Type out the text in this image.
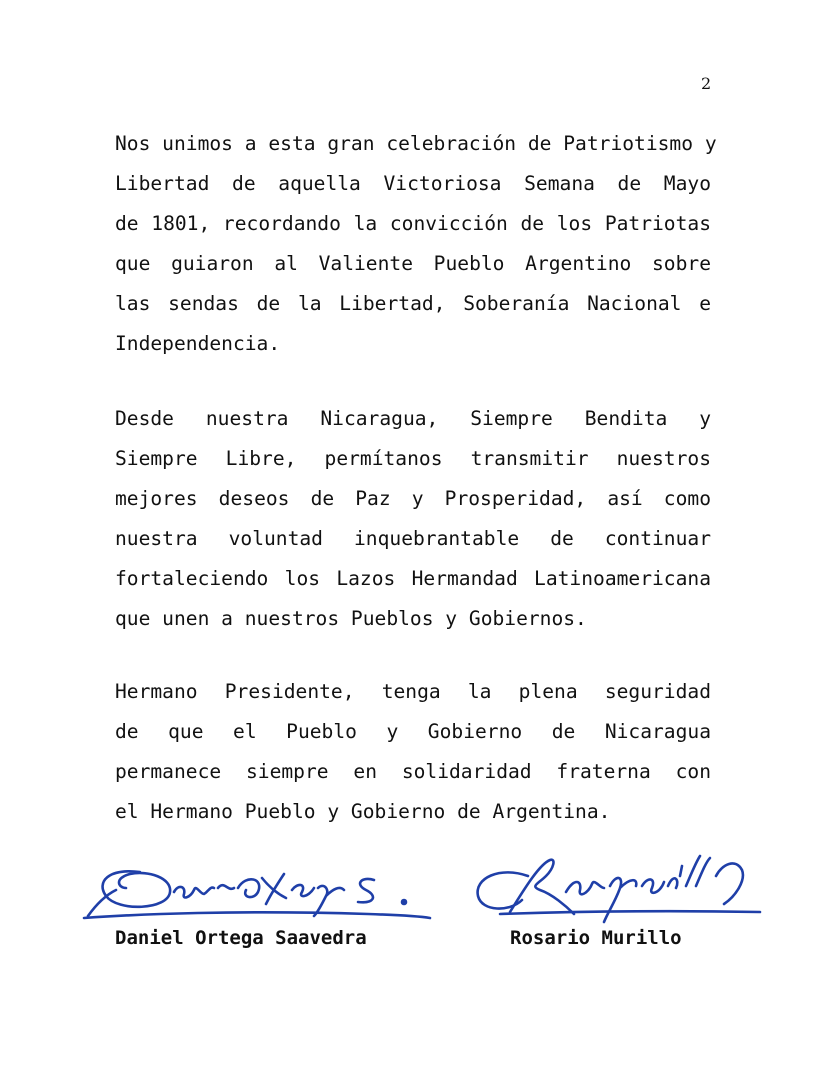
2
Nos unimos a esta gran celebración de Patriotismo y
Libertad de aquella Victoriosa Semana de Mayo
de 1801, recordando la convicción de los Patriotas
que guiaron al Valiente Pueblo Argentino sobre
las sendas de la Libertad, Soberanía Nacional e
Independencia.
Desde nuestra Nicaragua, Siempre Bendita y
Siempre Libre, permítanos transmitir nuestros
mejores deseos de Paz y Prosperidad, así como
nuestra voluntad inquebrantable de continuar
fortaleciendo los Lazos Hermandad Latinoamericana
que unen a nuestros Pueblos y Gobiernos.
Hermano Presidente, tenga la plena seguridad
de que el Pueblo y Gobierno de Nicaragua
permanece siempre en solidaridad fraterna con
el Hermano Pueblo y Gobierno de Argentina.
Daniel Ortega Saavedra	Rosario Murillo
